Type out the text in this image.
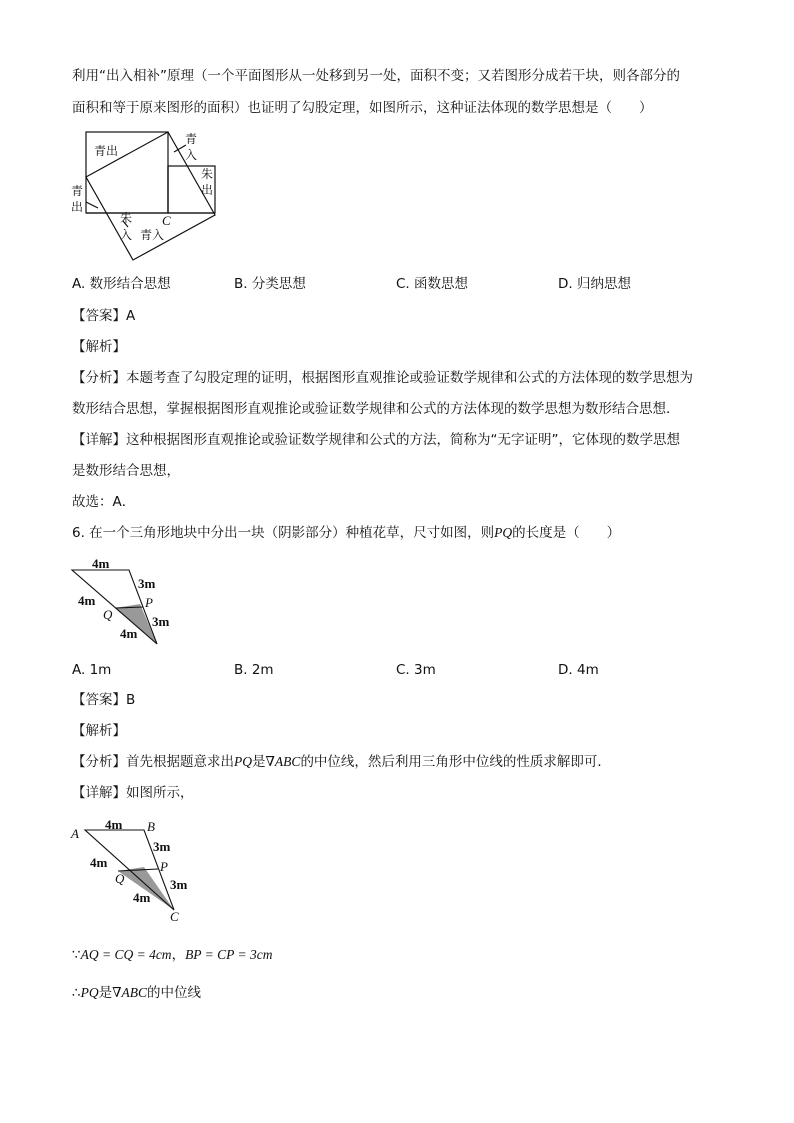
利用“出入相补”原理（一个平面图形从一处移到另一处，面积不变；又若图形分成若干块，则各部分的
面积和等于原来图形的面积）也证明了勾股定理，如图所示，这种证法体现的数学思想是（　　）
青出
青
入
朱
出
青
出
朱
入
C
青入
A. 数形结合思想	B. 分类思想	C. 函数思想	D. 归纳思想
【答案】A
【解析】
【分析】本题考查了勾股定理的证明，根据图形直观推论或验证数学规律和公式的方法体现的数学思想为
数形结合思想，掌握根据图形直观推论或验证数学规律和公式的方法体现的数学思想为数形结合思想．
【详解】这种根据图形直观推论或验证数学规律和公式的方法，简称为“无字证明”，它体现的数学思想
是数形结合思想，
故选：A．
6. 在一个三角形地块中分出一块（阴影部分）种植花草，尺寸如图，则PQ的长度是（　　）
4m
3m
4m	P
Q	3m
4m
A. 1m	B. 2m	C. 3m	D. 4m
【答案】B
【解析】
【分析】首先根据题意求出PQ是∇ABC的中位线，然后利用三角形中位线的性质求解即可．
【详解】如图所示，
A
4m B
3m
4m	P
Q	3m
4m
C
∵AQ = CQ = 4cm，BP = CP = 3cm
∴PQ是∇ABC的中位线
